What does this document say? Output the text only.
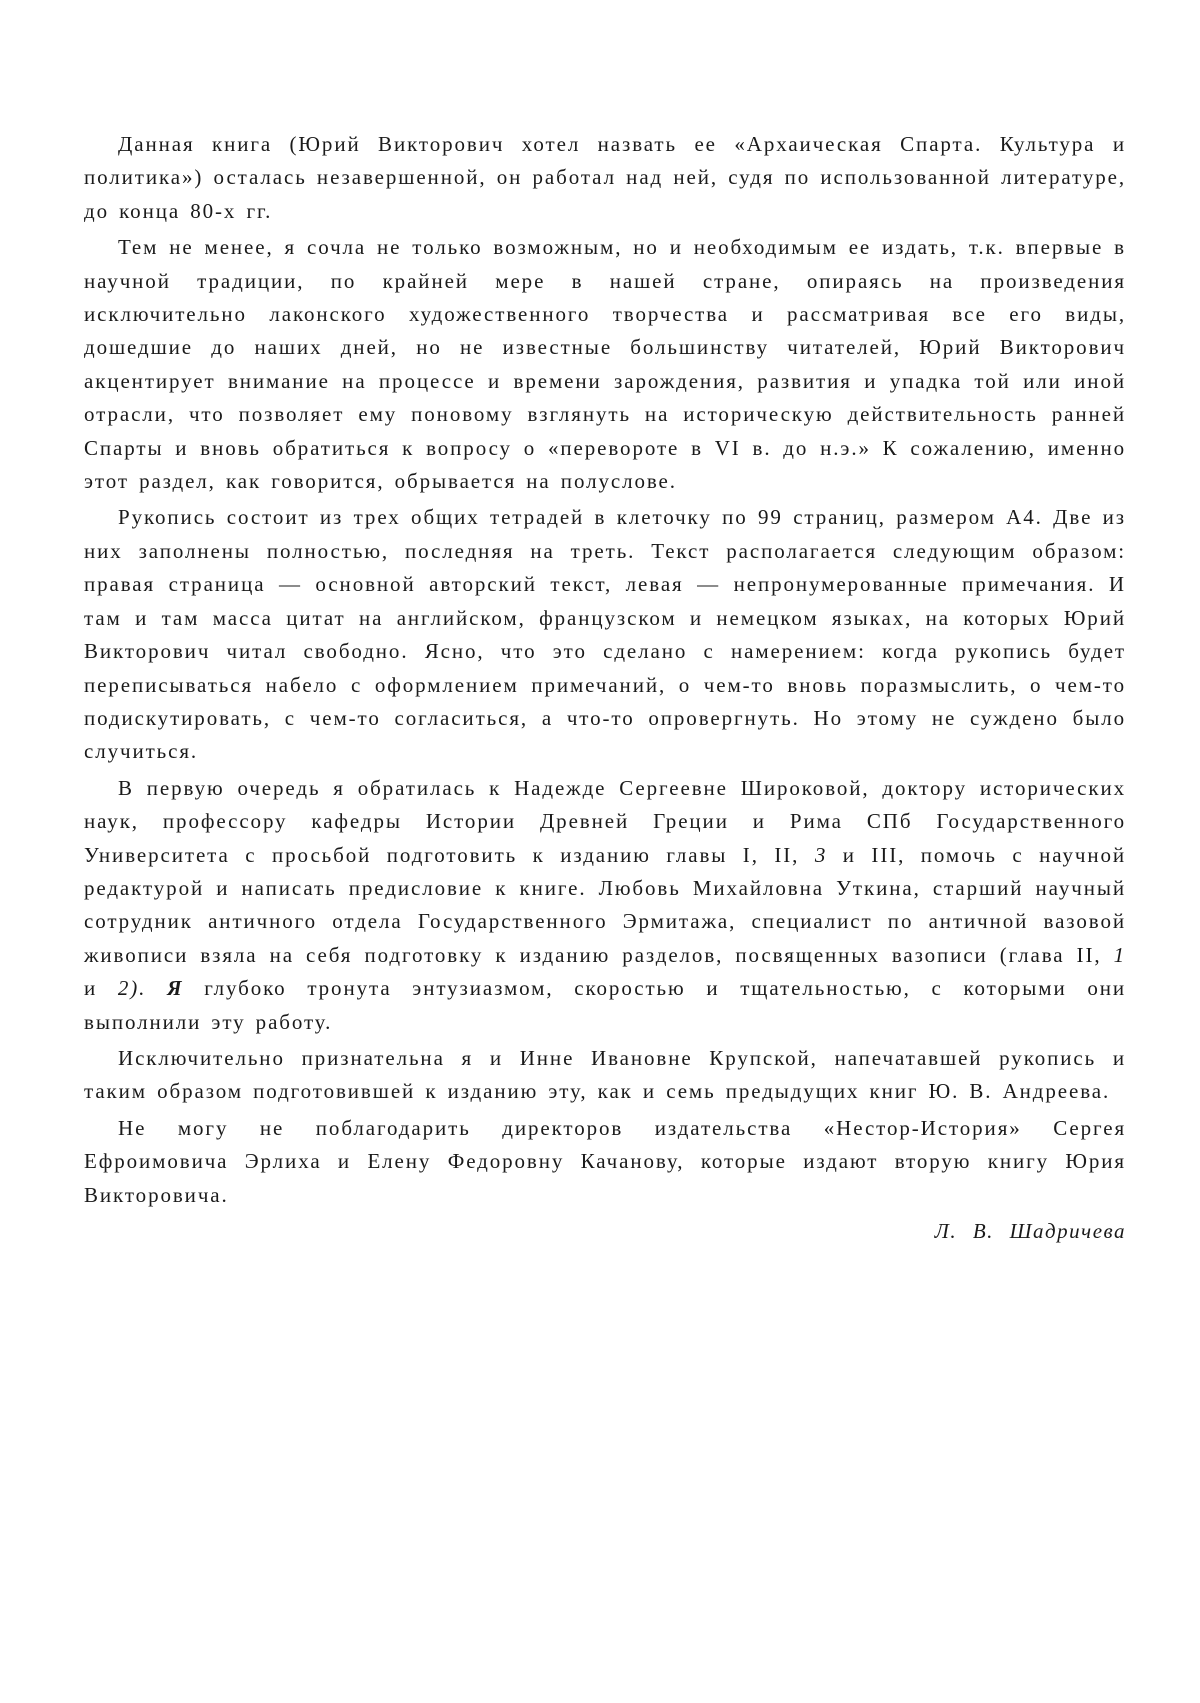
Данная книга (Юрий Викторович хотел назвать ее «Архаическая Спарта. Культура и политика») осталась незавершенной, он работал над ней, судя по использованной литературе, до конца 80-х гг.

Тем не менее, я сочла не только возможным, но и необходимым ее издать, т.к. впервые в научной традиции, по крайней мере в нашей стране, опираясь на произведения исключительно лаконского художественного творчества и рассматривая все его виды, дошедшие до наших дней, но не известные большинству читателей, Юрий Викторович акцентирует внимание на процессе и времени зарождения, развития и упадка той или иной отрасли, что позволяет ему поновому взглянуть на историческую действительность ранней Спарты и вновь обратиться к вопросу о «перевороте в VI в. до н.э.» К сожалению, именно этот раздел, как говорится, обрывается на полуслове.

Рукопись состоит из трех общих тетрадей в клеточку по 99 страниц, размером А4. Две из них заполнены полностью, последняя на треть. Текст располагается следующим образом: правая страница — основной авторский текст, левая — непронумерованные примечания. И там и там масса цитат на английском, французском и немецком языках, на которых Юрий Викторович читал свободно. Ясно, что это сделано с намерением: когда рукопись будет переписываться набело с оформлением примечаний, о чем-то вновь поразмыслить, о чем-то подискутировать, с чем-то согласиться, а что-то опровергнуть. Но этому не суждено было случиться.

В первую очередь я обратилась к Надежде Сергеевне Широковой, доктору исторических наук, профессору кафедры Истории Древней Греции и Рима СПб Государственного Университета с просьбой подготовить к изданию главы I, II, 3 и III, помочь с научной редактурой и написать предисловие к книге. Любовь Михайловна Уткина, старший научный сотрудник античного отдела Государственного Эрмитажа, специалист по античной вазовой живописи взяла на себя подготовку к изданию разделов, посвященных вазописи (глава II, 1 и 2). Я глубоко тронута энтузиазмом, скоростью и тщательностью, с которыми они выполнили эту работу.

Исключительно признательна я и Инне Ивановне Крупской, напечатавшей рукопись и таким образом подготовившей к изданию эту, как и семь предыдущих книг Ю. В. Андреева.

Не могу не поблагодарить директоров издательства «Нестор-История» Сергея Ефроимовича Эрлиха и Елену Федоровну Качанову, которые издают вторую книгу Юрия Викторовича.

Л. В. Шадричева
